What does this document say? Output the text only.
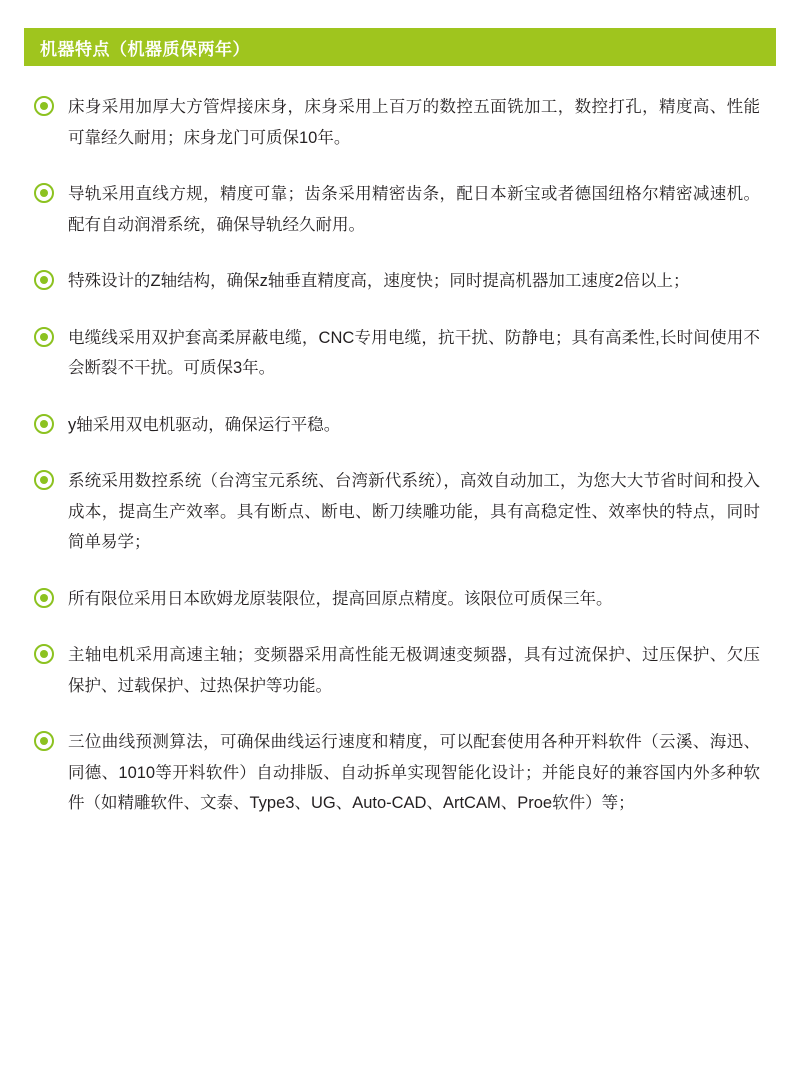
机器特点（机器质保两年）
床身采用加厚大方管焊接床身，床身采用上百万的数控五面铣加工，数控打孔，精度高、性能可靠经久耐用；床身龙门可质保10年。
导轨采用直线方规，精度可靠；齿条采用精密齿条，配日本新宝或者德国纽格尔精密减速机。配有自动润滑系统，确保导轨经久耐用。
特殊设计的Z轴结构，确保z轴垂直精度高，速度快；同时提高机器加工速度2倍以上；
电缆线采用双护套高柔屏蔽电缆，CNC专用电缆，抗干扰、防静电；具有高柔性,长时间使用不会断裂不干扰。可质保3年。
y轴采用双电机驱动，确保运行平稳。
系统采用数控系统（台湾宝元系统、台湾新代系统），高效自动加工，为您大大节省时间和投入成本，提高生产效率。具有断点、断电、断刀续雕功能，具有高稳定性、效率快的特点，同时简单易学；
所有限位采用日本欧姆龙原装限位，提高回原点精度。该限位可质保三年。
主轴电机采用高速主轴；变频器采用高性能无极调速变频器，具有过流保护、过压保护、欠压保护、过载保护、过热保护等功能。
三位曲线预测算法，可确保曲线运行速度和精度，可以配套使用各种开料软件（云溪、海迅、同德、1010等开料软件）自动排版、自动拆单实现智能化设计；并能良好的兼容国内外多种软件（如精雕软件、文泰、Type3、UG、Auto-CAD、ArtCAM、Proe软件）等；
